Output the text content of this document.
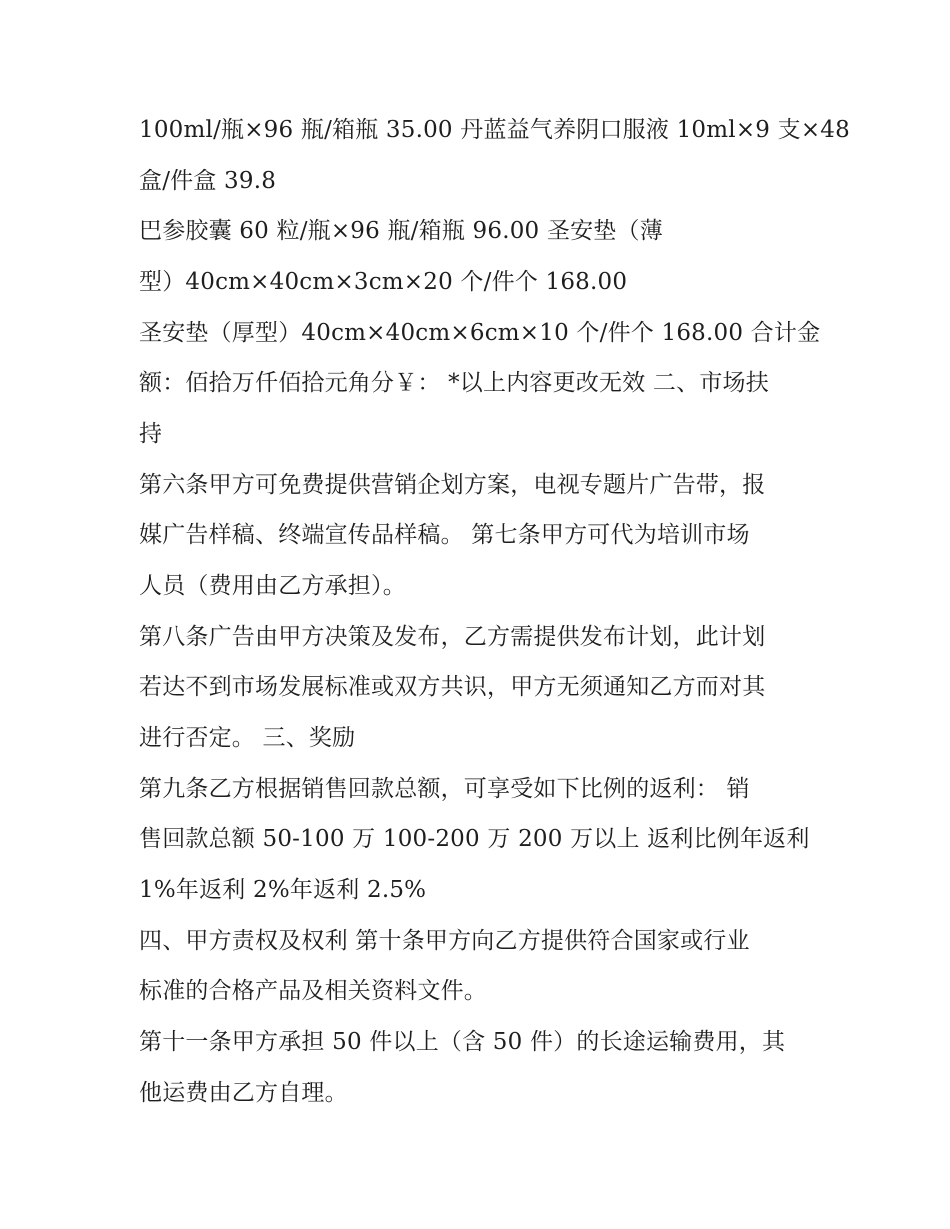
100ml/瓶×96 瓶/箱瓶 35.00 丹蓝益气养阴口服液 10ml×9 支×48
盒/件盒 39.8
巴参胶囊 60 粒/瓶×96 瓶/箱瓶 96.00 圣安垫（薄
型）40cm×40cm×3cm×20 个/件个 168.00
圣安垫（厚型）40cm×40cm×6cm×10 个/件个 168.00 合计金
额：佰拾万仟佰拾元角分￥： *以上内容更改无效 二、市场扶
持
第六条甲方可免费提供营销企划方案，电视专题片广告带，报
媒广告样稿、终端宣传品样稿。 第七条甲方可代为培训市场
人员（费用由乙方承担）。
第八条广告由甲方决策及发布，乙方需提供发布计划，此计划
若达不到市场发展标准或双方共识，甲方无须通知乙方而对其
进行否定。 三、奖励
第九条乙方根据销售回款总额，可享受如下比例的返利： 销
售回款总额 50-100 万 100-200 万 200 万以上 返利比例年返利
1%年返利 2%年返利 2.5%
四、甲方责权及权利 第十条甲方向乙方提供符合国家或行业
标准的合格产品及相关资料文件。
第十一条甲方承担 50 件以上（含 50 件）的长途运输费用，其
他运费由乙方自理。
